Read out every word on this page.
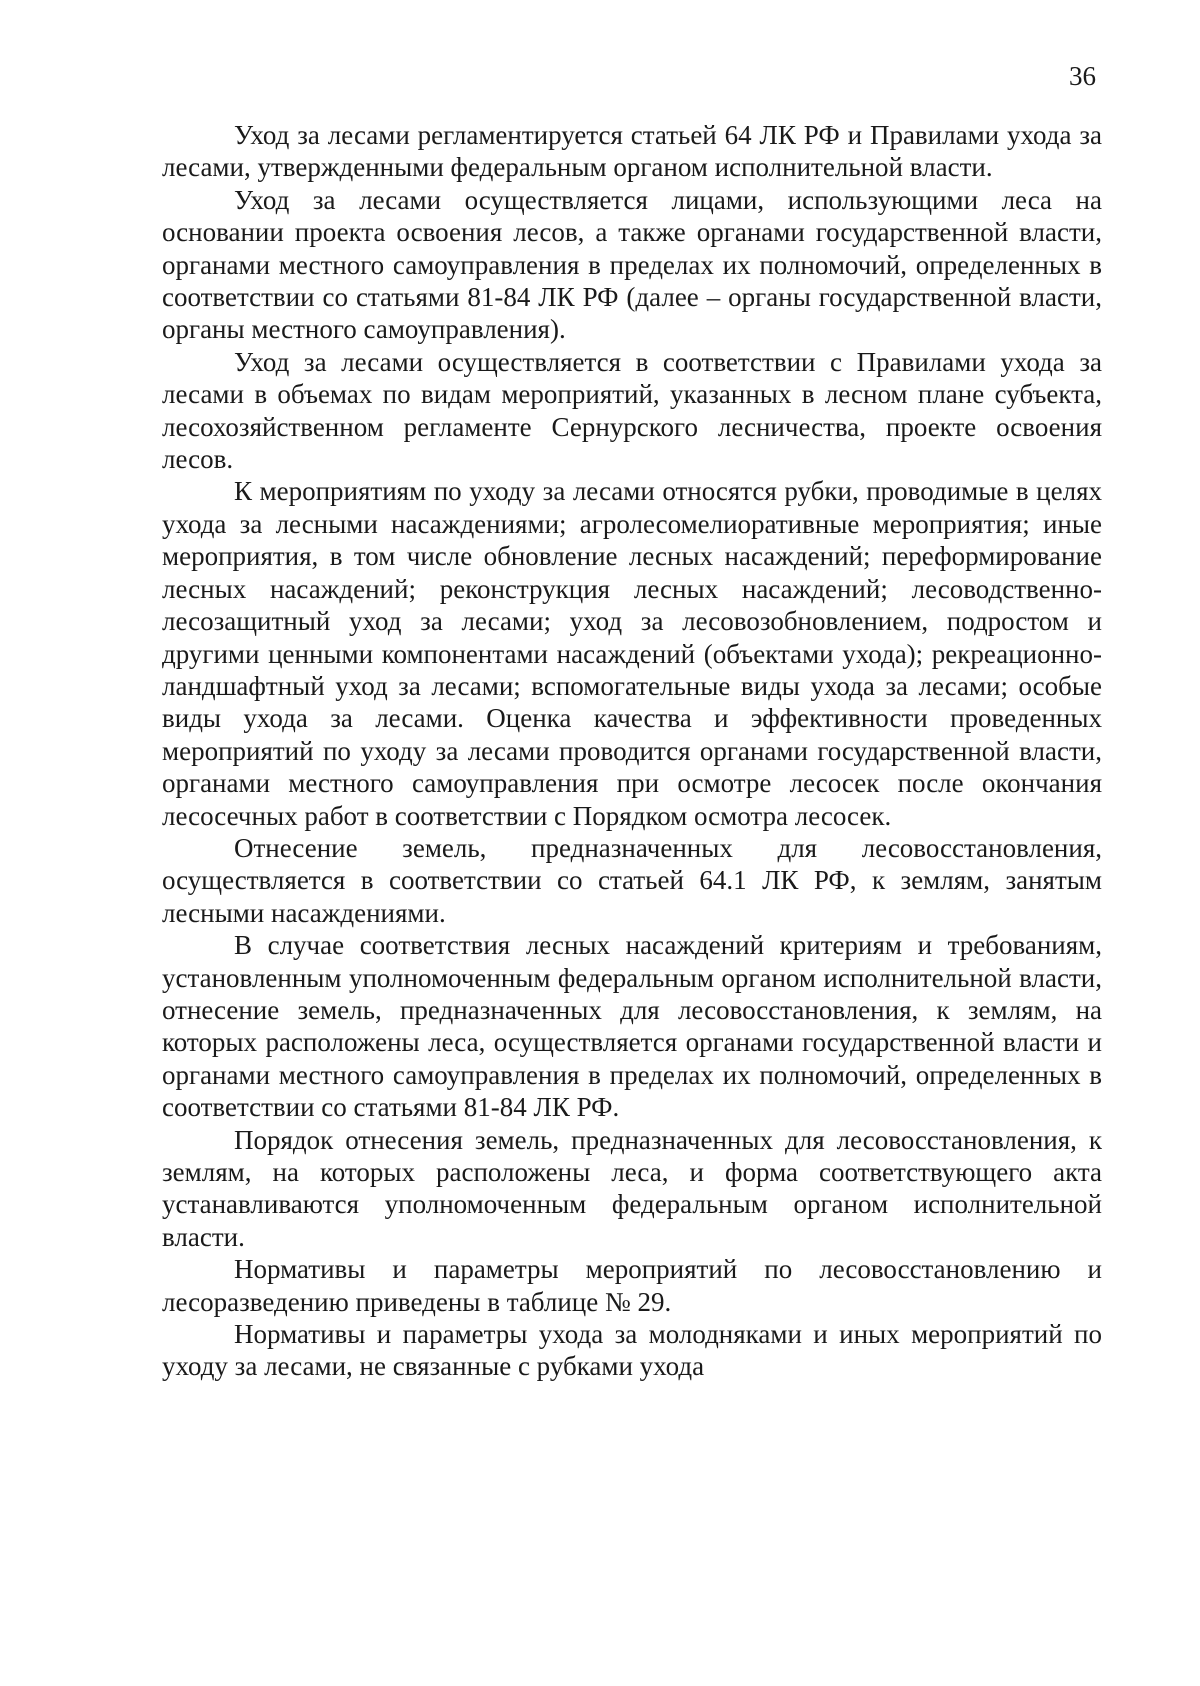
36

Уход за лесами регламентируется статьей 64 ЛК РФ и Правилами ухода за лесами, утвержденными федеральным органом исполнительной власти.

Уход за лесами осуществляется лицами, использующими леса на основании проекта освоения лесов, а также органами государственной власти, органами местного самоуправления в пределах их полномочий, определенных в соответствии со статьями 81-84 ЛК РФ (далее – органы государственной власти, органы местного самоуправления).

Уход за лесами осуществляется в соответствии с Правилами ухода за лесами в объемах по видам мероприятий, указанных в лесном плане субъекта, лесохозяйственном регламенте Сернурского лесничества, проекте освоения лесов.

К мероприятиям по уходу за лесами относятся рубки, проводимые в целях ухода за лесными насаждениями; агролесомелиоративные мероприятия; иные мероприятия, в том числе обновление лесных насаждений; переформирование лесных насаждений; реконструкция лесных насаждений; лесоводственно-лесозащитный уход за лесами; уход за лесовозобновлением, подростом и другими ценными компонентами насаждений (объектами ухода); рекреационно-ландшафтный уход за лесами; вспомогательные виды ухода за лесами; особые виды ухода за лесами. Оценка качества и эффективности проведенных мероприятий по уходу за лесами проводится органами государственной власти, органами местного самоуправления при осмотре лесосек после окончания лесосечных работ в соответствии с Порядком осмотра лесосек.

Отнесение земель, предназначенных для лесовосстановления, осуществляется в соответствии со статьей 64.1 ЛК РФ, к землям, занятым лесными насаждениями.

В случае соответствия лесных насаждений критериям и требованиям, установленным уполномоченным федеральным органом исполнительной власти, отнесение земель, предназначенных для лесовосстановления, к землям, на которых расположены леса, осуществляется органами государственной власти и органами местного самоуправления в пределах их полномочий, определенных в соответствии со статьями 81-84 ЛК РФ.

Порядок отнесения земель, предназначенных для лесовосстановления, к землям, на которых расположены леса, и форма соответствующего акта устанавливаются уполномоченным федеральным органом исполнительной власти.

Нормативы и параметры мероприятий по лесовосстановлению и лесоразведению приведены в таблице № 29.

Нормативы и параметры ухода за молодняками и иных мероприятий по уходу за лесами, не связанные с рубками ухода
